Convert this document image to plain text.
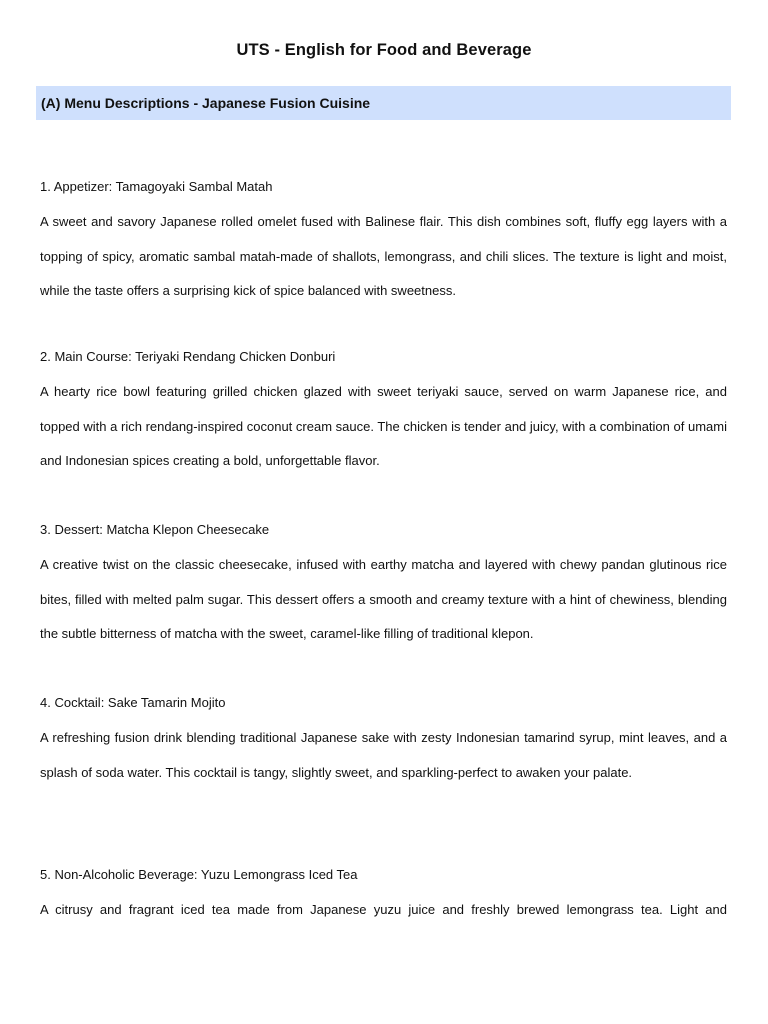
UTS - English for Food and Beverage
(A) Menu Descriptions - Japanese Fusion Cuisine
1. Appetizer: Tamagoyaki Sambal Matah
A sweet and savory Japanese rolled omelet fused with Balinese flair. This dish combines soft, fluffy egg layers with a topping of spicy, aromatic sambal matah-made of shallots, lemongrass, and chili slices. The texture is light and moist, while the taste offers a surprising kick of spice balanced with sweetness.
2. Main Course: Teriyaki Rendang Chicken Donburi
A hearty rice bowl featuring grilled chicken glazed with sweet teriyaki sauce, served on warm Japanese rice, and topped with a rich rendang-inspired coconut cream sauce. The chicken is tender and juicy, with a combination of umami and Indonesian spices creating a bold, unforgettable flavor.
3. Dessert: Matcha Klepon Cheesecake
A creative twist on the classic cheesecake, infused with earthy matcha and layered with chewy pandan glutinous rice bites, filled with melted palm sugar. This dessert offers a smooth and creamy texture with a hint of chewiness, blending the subtle bitterness of matcha with the sweet, caramel-like filling of traditional klepon.
4. Cocktail: Sake Tamarin Mojito
A refreshing fusion drink blending traditional Japanese sake with zesty Indonesian tamarind syrup, mint leaves, and a splash of soda water. This cocktail is tangy, slightly sweet, and sparkling-perfect to awaken your palate.
5. Non-Alcoholic Beverage: Yuzu Lemongrass Iced Tea
A citrusy and fragrant iced tea made from Japanese yuzu juice and freshly brewed lemongrass tea. Light and
